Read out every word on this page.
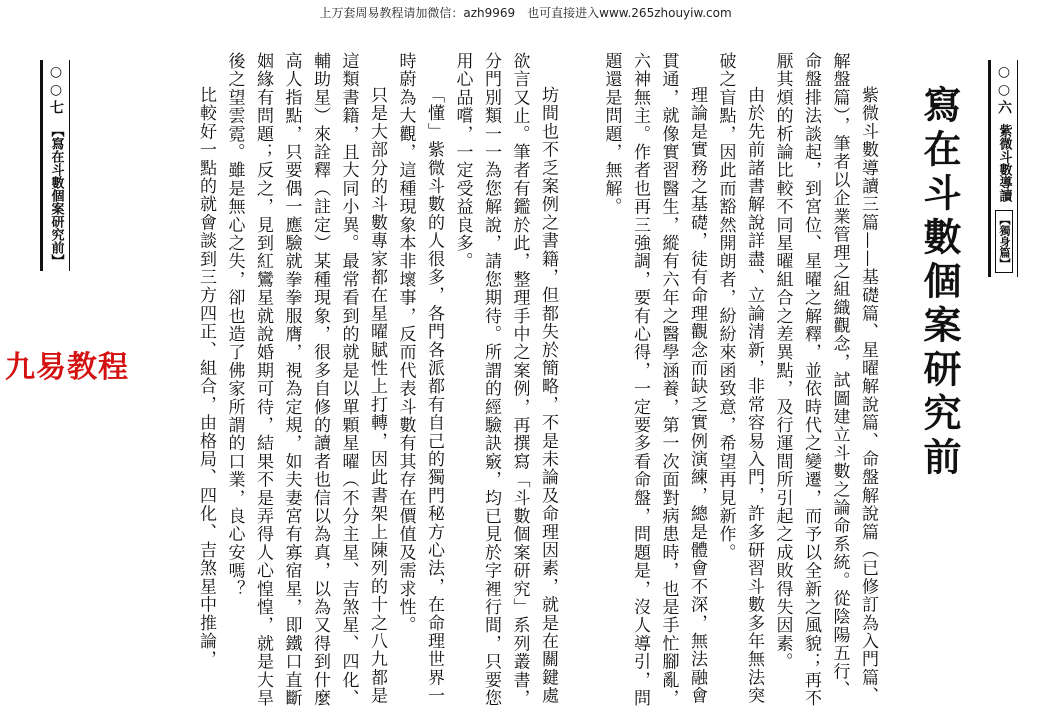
上万套周易教程请加微信：azh9969　也可直接进入www.265zhouyiw.com
○○六
紫微斗數導讀
【獨身篇】
寫在斗數個案研究前

紫微斗數導讀三篇——基礎篇、星曜解說篇、命盤解說篇（已修訂為入門篇、解盤篇），筆者以企業管理之組織觀念，試圖建立斗數之論命系統。從陰陽五行、命盤排法談起，到宮位、星曜之解釋，並依時代之變遷，而予以全新之風貌；再不厭其煩的析論比較不同星曜組合之差異點，及行運間所引起之成敗得失因素。

由於先前諸書解說詳盡、立論清新，非常容易入門，許多研習斗數多年無法突破之盲點，因此而豁然開朗者，紛紛來函致意，希望再見新作。

理論是實務之基礎，徒有命理觀念而缺乏實例演練，總是體會不深，無法融會貫通，就像實習醫生，縱有六年之醫學涵養，第一次面對病患時，也是手忙腳亂，六神無主。作者也再三強調，要有心得，一定要多看命盤，問題是，沒人導引，問題還是問題，無解。

○○七
【寫在斗數個案研究前】	坊間也不乏案例之書籍，但都失於簡略，不是未論及命理因素，就是在關鍵處欲言又止。筆者有鑑於此，整理手中之案例，再撰寫「斗數個案研究」系列叢書，分門別類一一為您解說，請您期待。所謂的經驗訣竅，均已見於字裡行間，只要您用心品嚐，一定受益良多。

「懂」紫微斗數的人很多，各門各派都有自己的獨門秘方心法，在命理世界一時蔚為大觀，這種現象本非壞事，反而代表斗數有其存在價值及需求性。

只是大部分的斗數專家都在星曜賦性上打轉，因此書架上陳列的十之八九都是這類書籍，且大同小異。最常看到的就是以單顆星曜（不分主星、吉煞星、四化、輔助星）來詮釋（註定）某種現象，很多自修的讀者也信以為真，以為又得到什麼高人指點，只要偶一應驗就拳拳服膺，視為定規，如夫妻宮有寡宿星，即鐵口直斷姻緣有問題；反之，見到紅鸞星就說婚期可待，結果不是弄得人心惶惶，就是大旱後之望雲霓。雖是無心之失，卻也造了佛家所謂的口業，良心安嗎？

比較好一點的就會談到三方四正、組合，由格局、四化、吉煞星中推論，

九易教程
